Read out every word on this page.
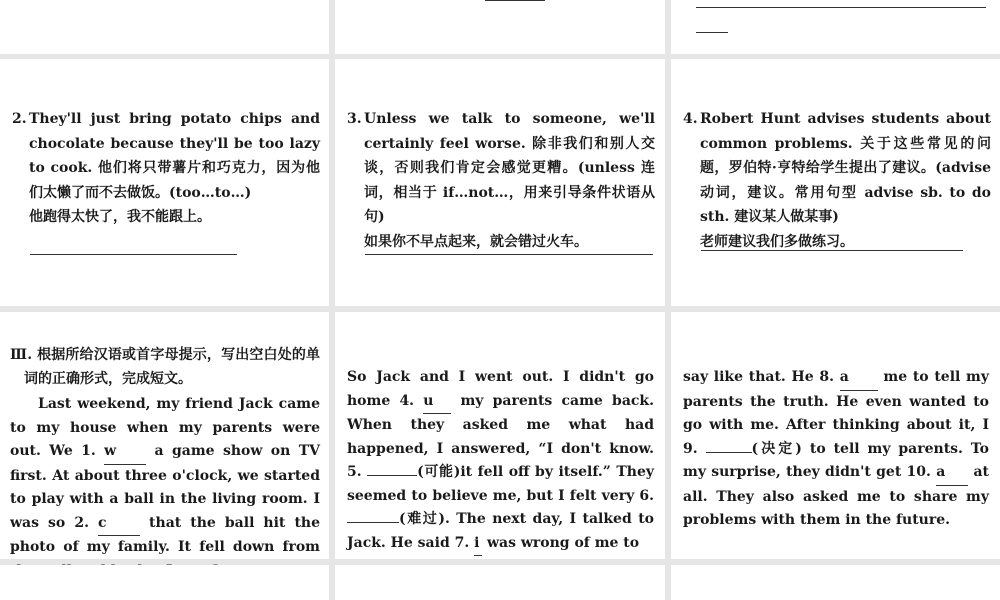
2. They'll just bring potato chips and chocolate because they'll be too lazy to cook. 他们将只带薯片和巧克力，因为他们太懒了而不去做饭。(too…to…)
他跑得太快了，我不能跟上。
3. Unless we talk to someone, we'll certainly feel worse. 除非我们和别人交谈，否则我们肯定会感觉更糟。(unless 连词，相当于 if…not…，用来引导条件状语从句)
如果你不早点起来，就会错过火车。
4. Robert Hunt advises students about common problems. 关于这些常见的问题，罗伯特·亨特给学生提出了建议。(advise 动词，建议。常用句型 advise sb. to do sth. 建议某人做某事)
老师建议我们多做练习。
Ⅲ. 根据所给汉语或首字母提示，写出空白处的单词的正确形式，完成短文。
Last weekend, my friend Jack came to my house when my parents were out. We 1. w a game show on TV first. At about three o'clock, we started to play with a ball in the living room. I was so 2. c	that the ball hit the photo of my family. It fell down from
So Jack and I went out. I didn't go home 4. u my parents came back. When they asked me what had happened, I answered, “I don't know. 5.	(可能)it fell off by itself.” They seemed to believe me, but I felt very 6. (难过). The next day, I talked to Jack. He said 7. i was wrong of me to
say like that. He 8. a me to tell my parents the truth. He even wanted to go with me. After thinking about it, I 9.	(决定) to tell my parents. To my surprise, they didn't get 10. a at all. They also asked me to share my problems with them in the future.
